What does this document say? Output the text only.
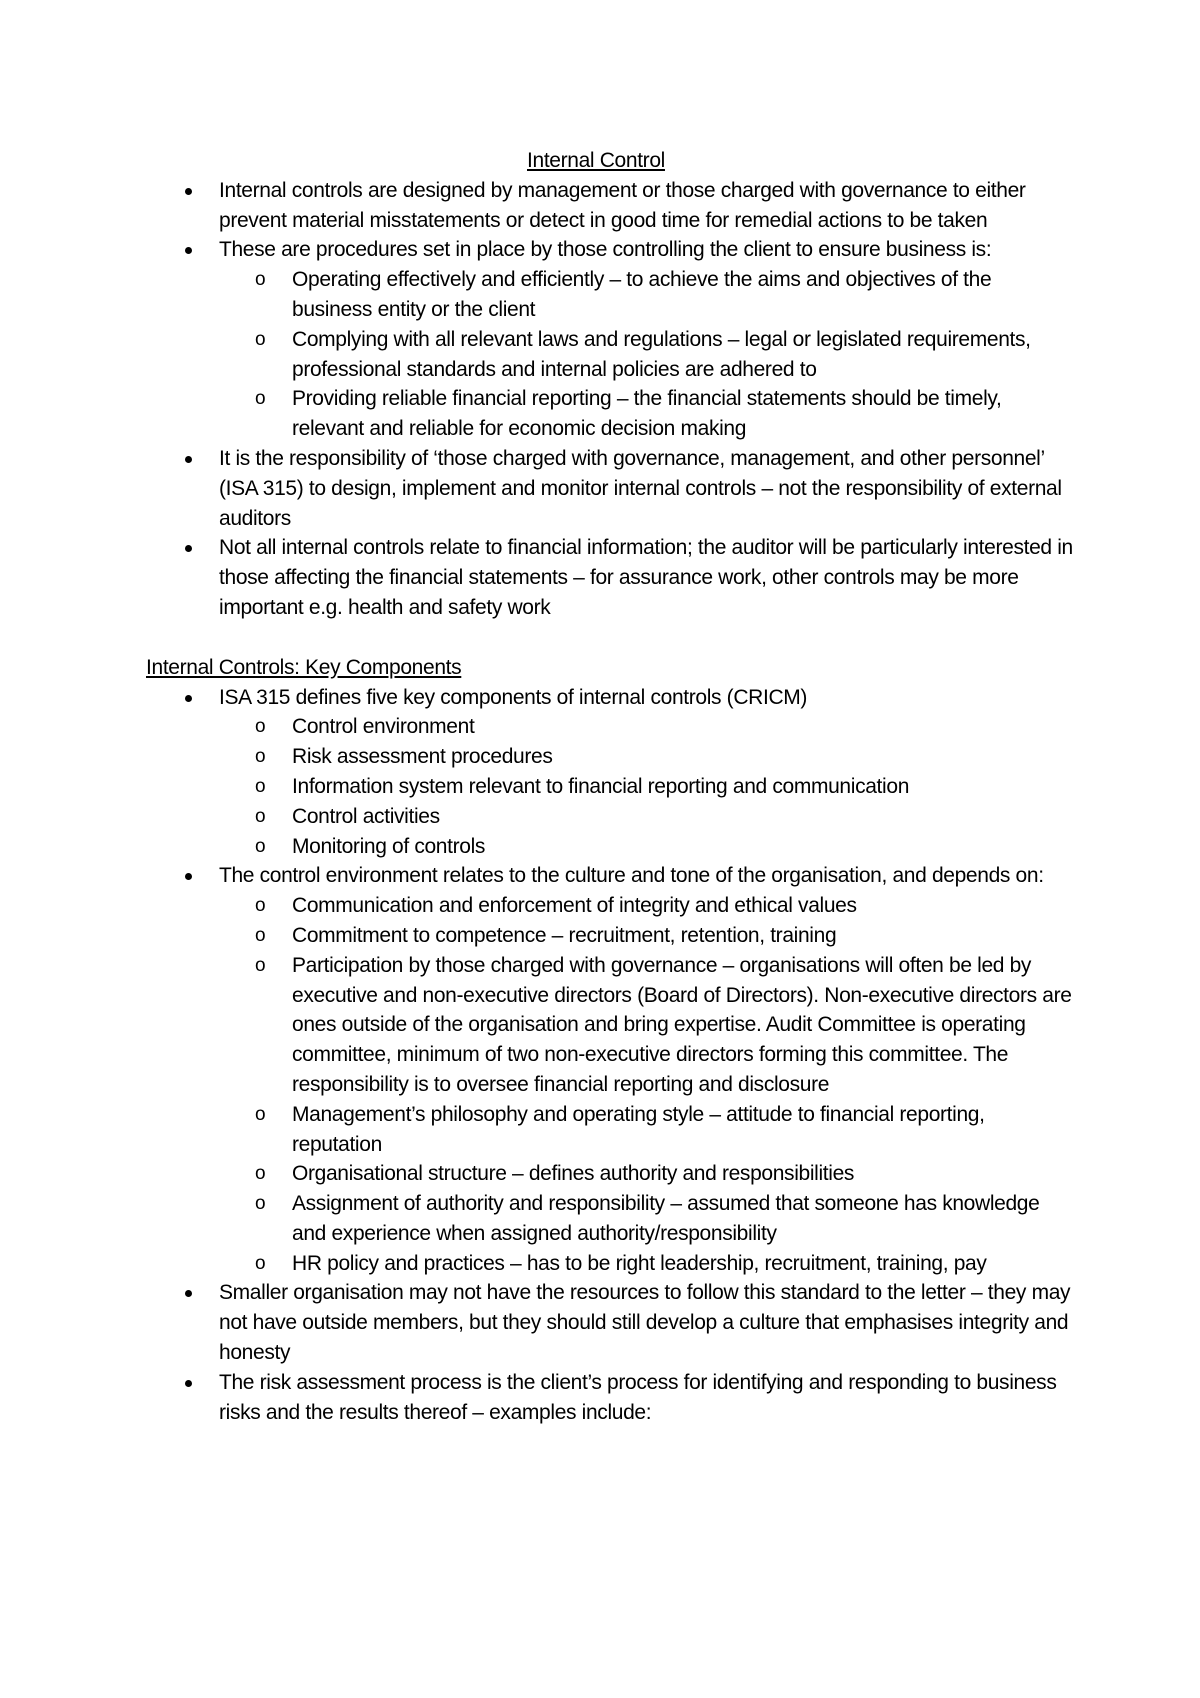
Internal Control
Internal controls are designed by management or those charged with governance to either prevent material misstatements or detect in good time for remedial actions to be taken
These are procedures set in place by those controlling the client to ensure business is:
o Operating effectively and efficiently – to achieve the aims and objectives of the business entity or the client
o Complying with all relevant laws and regulations – legal or legislated requirements, professional standards and internal policies are adhered to
o Providing reliable financial reporting – the financial statements should be timely, relevant and reliable for economic decision making
It is the responsibility of ‘those charged with governance, management, and other personnel’ (ISA 315) to design, implement and monitor internal controls – not the responsibility of external auditors
Not all internal controls relate to financial information; the auditor will be particularly interested in those affecting the financial statements – for assurance work, other controls may be more important e.g. health and safety work
Internal Controls: Key Components
ISA 315 defines five key components of internal controls (CRICM)
o Control environment
o Risk assessment procedures
o Information system relevant to financial reporting and communication
o Control activities
o Monitoring of controls
The control environment relates to the culture and tone of the organisation, and depends on:
o Communication and enforcement of integrity and ethical values
o Commitment to competence – recruitment, retention, training
o Participation by those charged with governance – organisations will often be led by executive and non-executive directors (Board of Directors). Non-executive directors are ones outside of the organisation and bring expertise. Audit Committee is operating committee, minimum of two non-executive directors forming this committee. The responsibility is to oversee financial reporting and disclosure
o Management’s philosophy and operating style – attitude to financial reporting, reputation
o Organisational structure – defines authority and responsibilities
o Assignment of authority and responsibility – assumed that someone has knowledge and experience when assigned authority/responsibility
o HR policy and practices – has to be right leadership, recruitment, training, pay
Smaller organisation may not have the resources to follow this standard to the letter – they may not have outside members, but they should still develop a culture that emphasises integrity and honesty
The risk assessment process is the client’s process for identifying and responding to business risks and the results thereof – examples include:
